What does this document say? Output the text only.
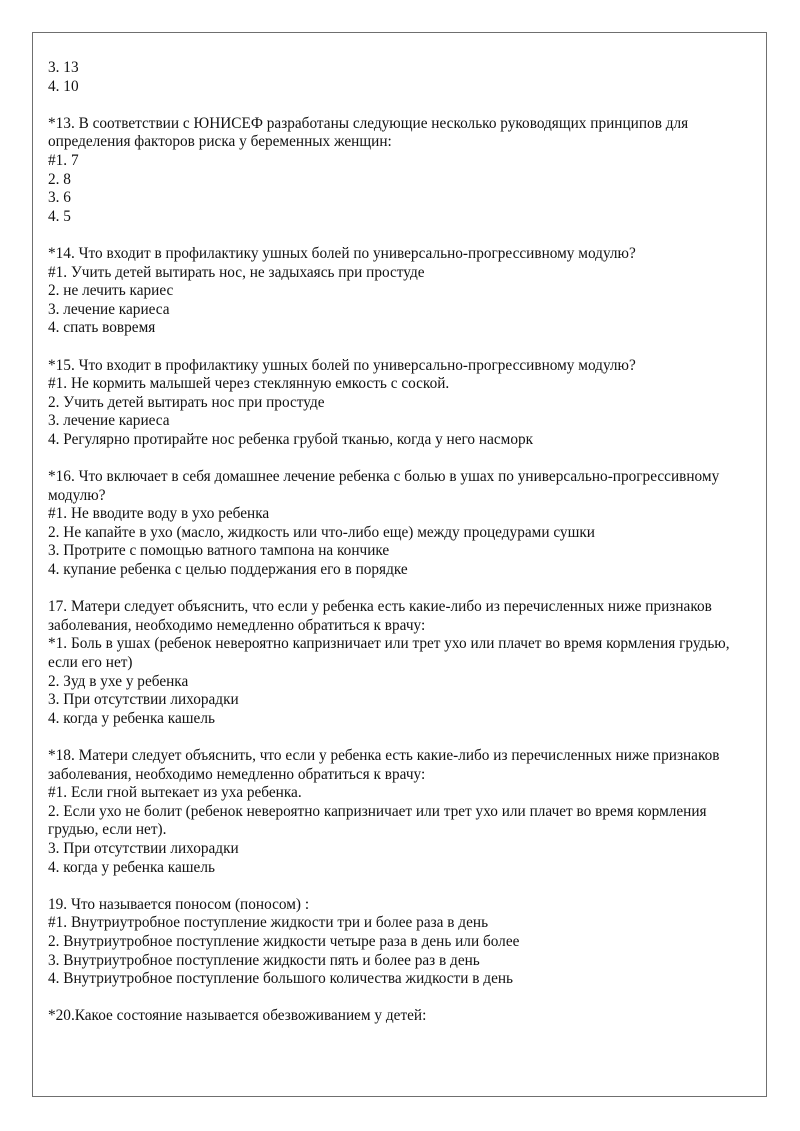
3. 13
4. 10
*13. В соответствии с ЮНИСЕФ разработаны следующие несколько руководящих принципов для определения факторов риска у беременных женщин:
#1. 7
2. 8
3. 6
4. 5
*14. Что входит в профилактику ушных болей по универсально-прогрессивному модулю?
#1. Учить детей вытирать нос, не задыхаясь при простуде
2. не лечить кариес
3. лечение кариеса
4. спать вовремя
*15. Что входит в профилактику ушных болей по универсально-прогрессивному модулю?
#1. Не кормить малышей через стеклянную емкость с соской.
2. Учить детей вытирать нос при простуде
3. лечение кариеса
4. Регулярно протирайте нос ребенка грубой тканью, когда у него насморк
*16. Что включает в себя домашнее лечение ребенка с болью в ушах по универсально-прогрессивному модулю?
#1. Не вводите воду в ухо ребенка
2. Не капайте в ухо (масло, жидкость или что-либо еще) между процедурами сушки
3. Протрите с помощью ватного тампона на кончике
4. купание ребенка с целью поддержания его в порядке
17. Матери следует объяснить, что если у ребенка есть какие-либо из перечисленных ниже признаков заболевания, необходимо немедленно обратиться к врачу:
*1. Боль в ушах (ребенок невероятно капризничает или трет ухо или плачет во время кормления грудью, если его нет)
2. Зуд в ухе у ребенка
3. При отсутствии лихорадки
4. когда у ребенка кашель
*18. Матери следует объяснить, что если у ребенка есть какие-либо из перечисленных ниже признаков заболевания, необходимо немедленно обратиться к врачу:
#1. Если гной вытекает из уха ребенка.
2. Если ухо не болит (ребенок невероятно капризничает или трет ухо или плачет во время кормления грудью, если нет).
3. При отсутствии лихорадки
4. когда у ребенка кашель
19. Что называется поносом (поносом) :
#1. Внутриутробное поступление жидкости три и более раза в день
2. Внутриутробное поступление жидкости четыре раза в день или более
3. Внутриутробное поступление жидкости пять и более раз в день
4. Внутриутробное поступление большого количества жидкости в день
*20.Какое состояние называется обезвоживанием у детей:
